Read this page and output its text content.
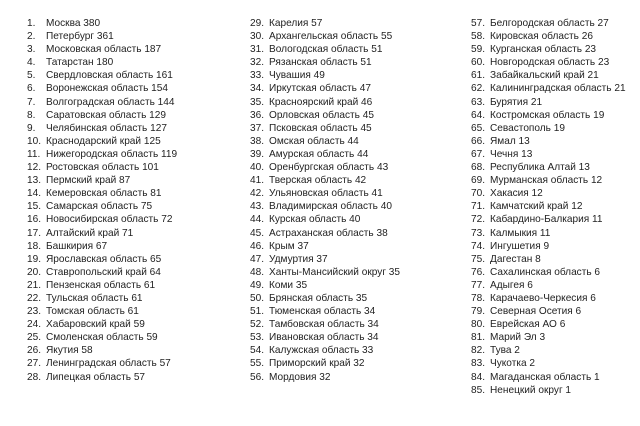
1.	Москва 380
2.	Петербург 361
3.	Московская область 187
4.	Татарстан 180
5.	Свердловская область 161
6.	Воронежская область 154
7.	Волгоградская область 144
8.	Саратовская область 129
9.	Челябинская область 127
10. Краснодарский край 125
11. Нижегородская область 119
12. Ростовская область 101
13. Пермский край 87
14. Кемеровская область 81
15. Самарская область 75
16. Новосибирская область 72
17. Алтайский край 71
18. Башкирия 67
19. Ярославская область 65
20. Ставропольский край 64
21. Пензенская область 61
22. Тульская область 61
23. Томская область 61
24. Хабаровский край 59
25. Смоленская область 59
26. Якутия 58
27. Ленинградская область 57
28. Липецкая область 57
29. Карелия 57
30. Архангельская область 55
31. Вологодская область 51
32. Рязанская область 51
33. Чувашия 49
34. Иркутская область 47
35. Красноярский край 46
36. Орловская область 45
37. Псковская область 45
38. Омская область 44
39. Амурская область 44
40. Оренбургская область 43
41. Тверская область 42
42. Ульяновская область 41
43. Владимирская область 40
44. Курская область 40
45. Астраханская область 38
46. Крым 37
47. Удмуртия 37
48. Ханты-Мансийский округ 35
49. Коми 35
50. Брянская область 35
51. Тюменская область 34
52. Тамбовская область 34
53. Ивановская область 34
54. Калужская область 33
55. Приморский край 32
56. Мордовия 32
57. Белгородская область 27
58. Кировская область 26
59. Курганская область 23
60. Новгородская область 23
61. Забайкальский край 21
62. Калининградская область 21
63. Бурятия 21
64. Костромская область 19
65. Севастополь 19
66. Ямал 13
67. Чечня 13
68. Республика Алтай 13
69. Мурманская область 12
70. Хакасия 12
71. Камчатский край 12
72. Кабардино-Балкария 11
73. Калмыкия 11
74. Ингушетия 9
75. Дагестан 8
76. Сахалинская область 6
77. Адыгея 6
78. Карачаево-Черкесия 6
79. Северная Осетия 6
80. Еврейская АО 6
81. Марий Эл 3
82. Тува 2
83. Чукотка 2
84. Магаданская область 1
85. Ненецкий округ 1
